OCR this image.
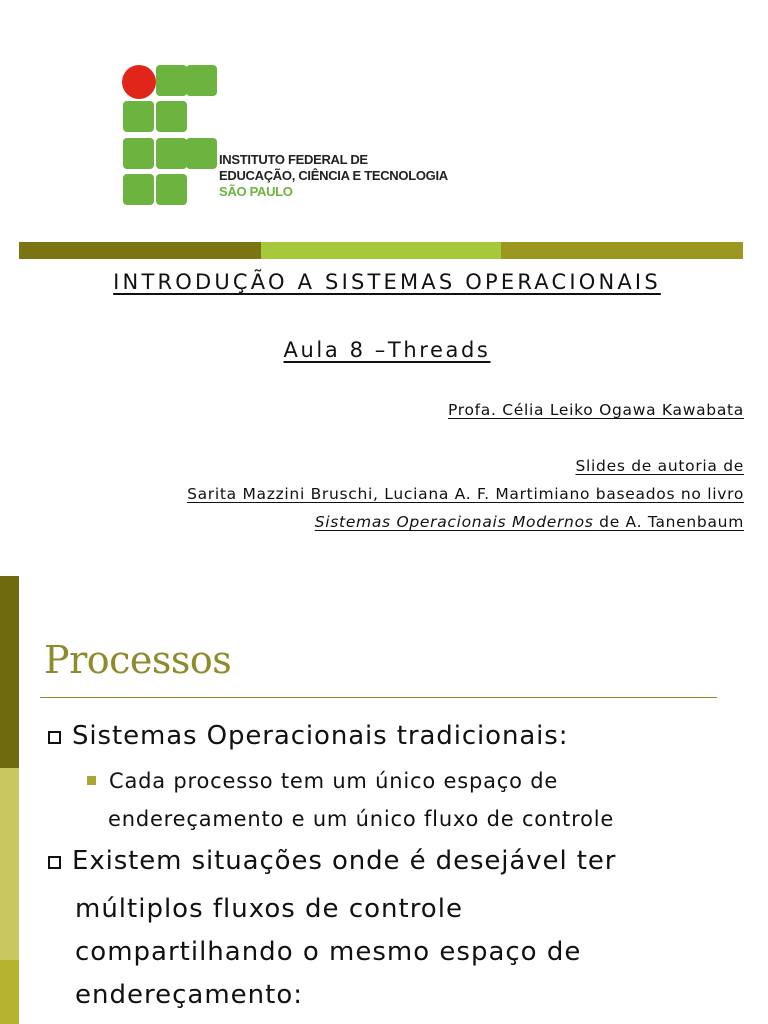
INSTITUTO FEDERAL DE
EDUCAÇÃO, CIÊNCIA E TECNOLOGIA
SÃO PAULO
INTRODUÇÃO A SISTEMAS OPERACIONAIS
Aula 8 –Threads
Profa. Célia Leiko Ogawa Kawabata
Slides de autoria de
Sarita Mazzini Bruschi, Luciana A. F. Martimiano baseados no livro
Sistemas Operacionais Modernos de A. Tanenbaum
Processos
Sistemas Operacionais tradicionais:
Cada processo tem um único espaço de
endereçamento e um único fluxo de controle
Existem situações onde é desejável ter
múltiplos fluxos de controle
compartilhando o mesmo espaço de
endereçamento:
